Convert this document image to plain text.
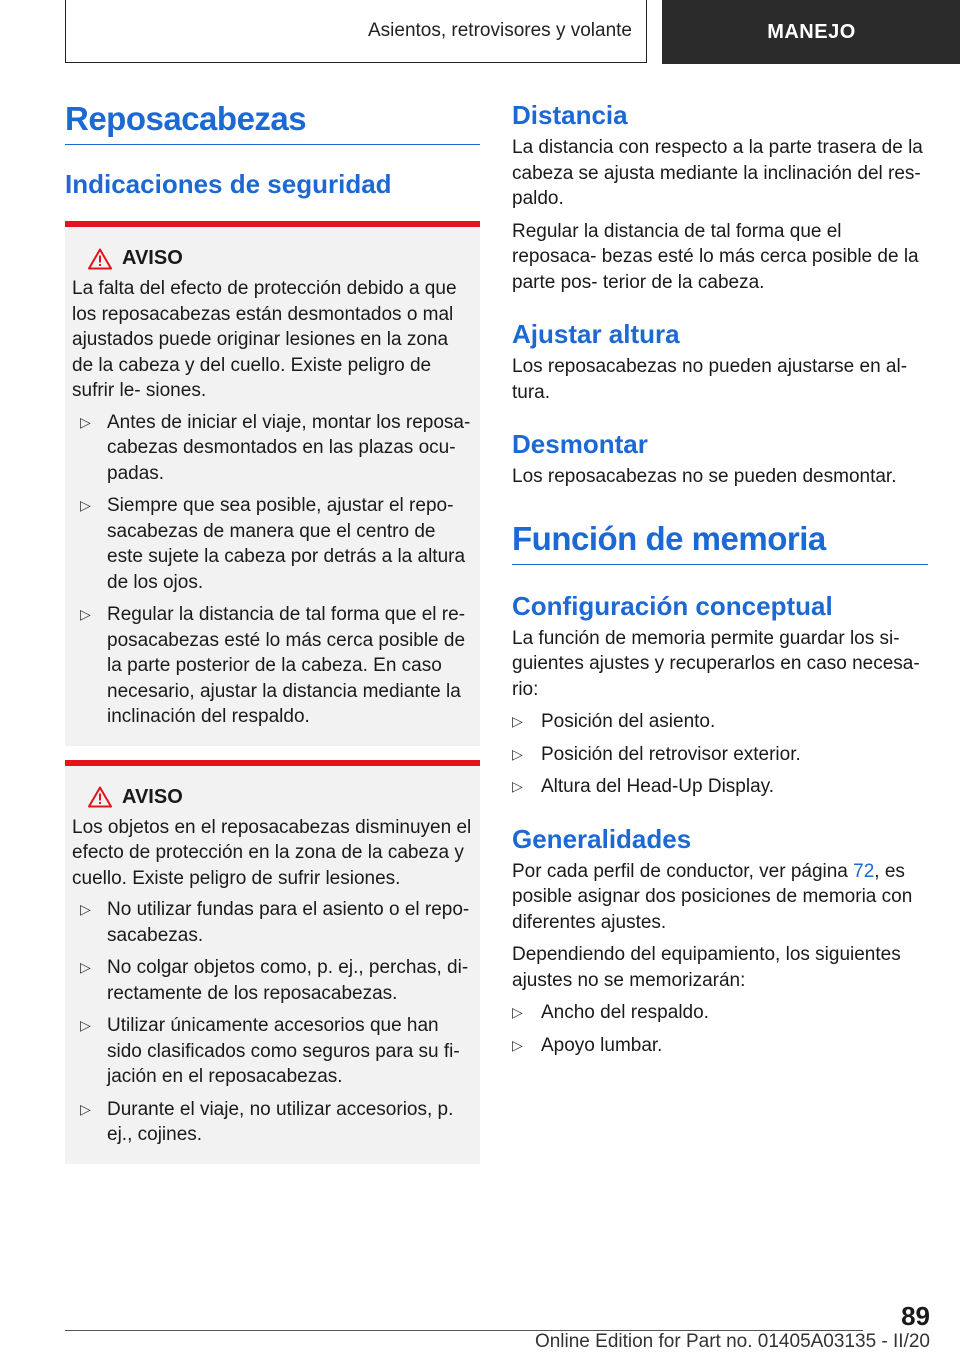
Asientos, retrovisores y volante	MANEJO
Reposacabezas
Indicaciones de seguridad
AVISO

La falta del efecto de protección debido a que los reposacabezas están desmontados o mal ajustados puede originar lesiones en la zona de la cabeza y del cuello. Existe peligro de sufrir le‐ siones.

▷ Antes de iniciar el viaje, montar los reposa‐ cabezas desmontados en las plazas ocu‐ padas.
▷ Siempre que sea posible, ajustar el repo‐ sacabezas de manera que el centro de este sujete la cabeza por detrás a la altura de los ojos.
▷ Regular la distancia de tal forma que el re‐ posacabezas esté lo más cerca posible de la parte posterior de la cabeza. En caso necesario, ajustar la distancia mediante la inclinación del respaldo.
AVISO

Los objetos en el reposacabezas disminuyen el efecto de protección en la zona de la cabeza y cuello. Existe peligro de sufrir lesiones.

▷ No utilizar fundas para el asiento o el repo‐ sacabezas.
▷ No colgar objetos como, p. ej., perchas, di‐ rectamente de los reposacabezas.
▷ Utilizar únicamente accesorios que han sido clasificados como seguros para su fi‐ jación en el reposacabezas.
▷ Durante el viaje, no utilizar accesorios, p. ej., cojines.
Distancia

La distancia con respecto a la parte trasera de la cabeza se ajusta mediante la inclinación del res‐ paldo.

Regular la distancia de tal forma que el reposaca‐ bezas esté lo más cerca posible de la parte pos‐ terior de la cabeza.

Ajustar altura

Los reposacabezas no pueden ajustarse en al‐ tura.

Desmontar

Los reposacabezas no se pueden desmontar.

Función de memoria
Configuración conceptual

La función de memoria permite guardar los si‐ guientes ajustes y recuperarlos en caso necesa‐ rio:

▷ Posición del asiento.
▷ Posición del retrovisor exterior.
▷ Altura del Head-Up Display.
Generalidades

Por cada perfil de conductor, ver página 72, es posible asignar dos posiciones de memoria con diferentes ajustes.

Dependiendo del equipamiento, los siguientes ajustes no se memorizarán:

▷ Ancho del respaldo.
▷ Apoyo lumbar.
89
Online Edition for Part no. 01405A03135 - II/20
